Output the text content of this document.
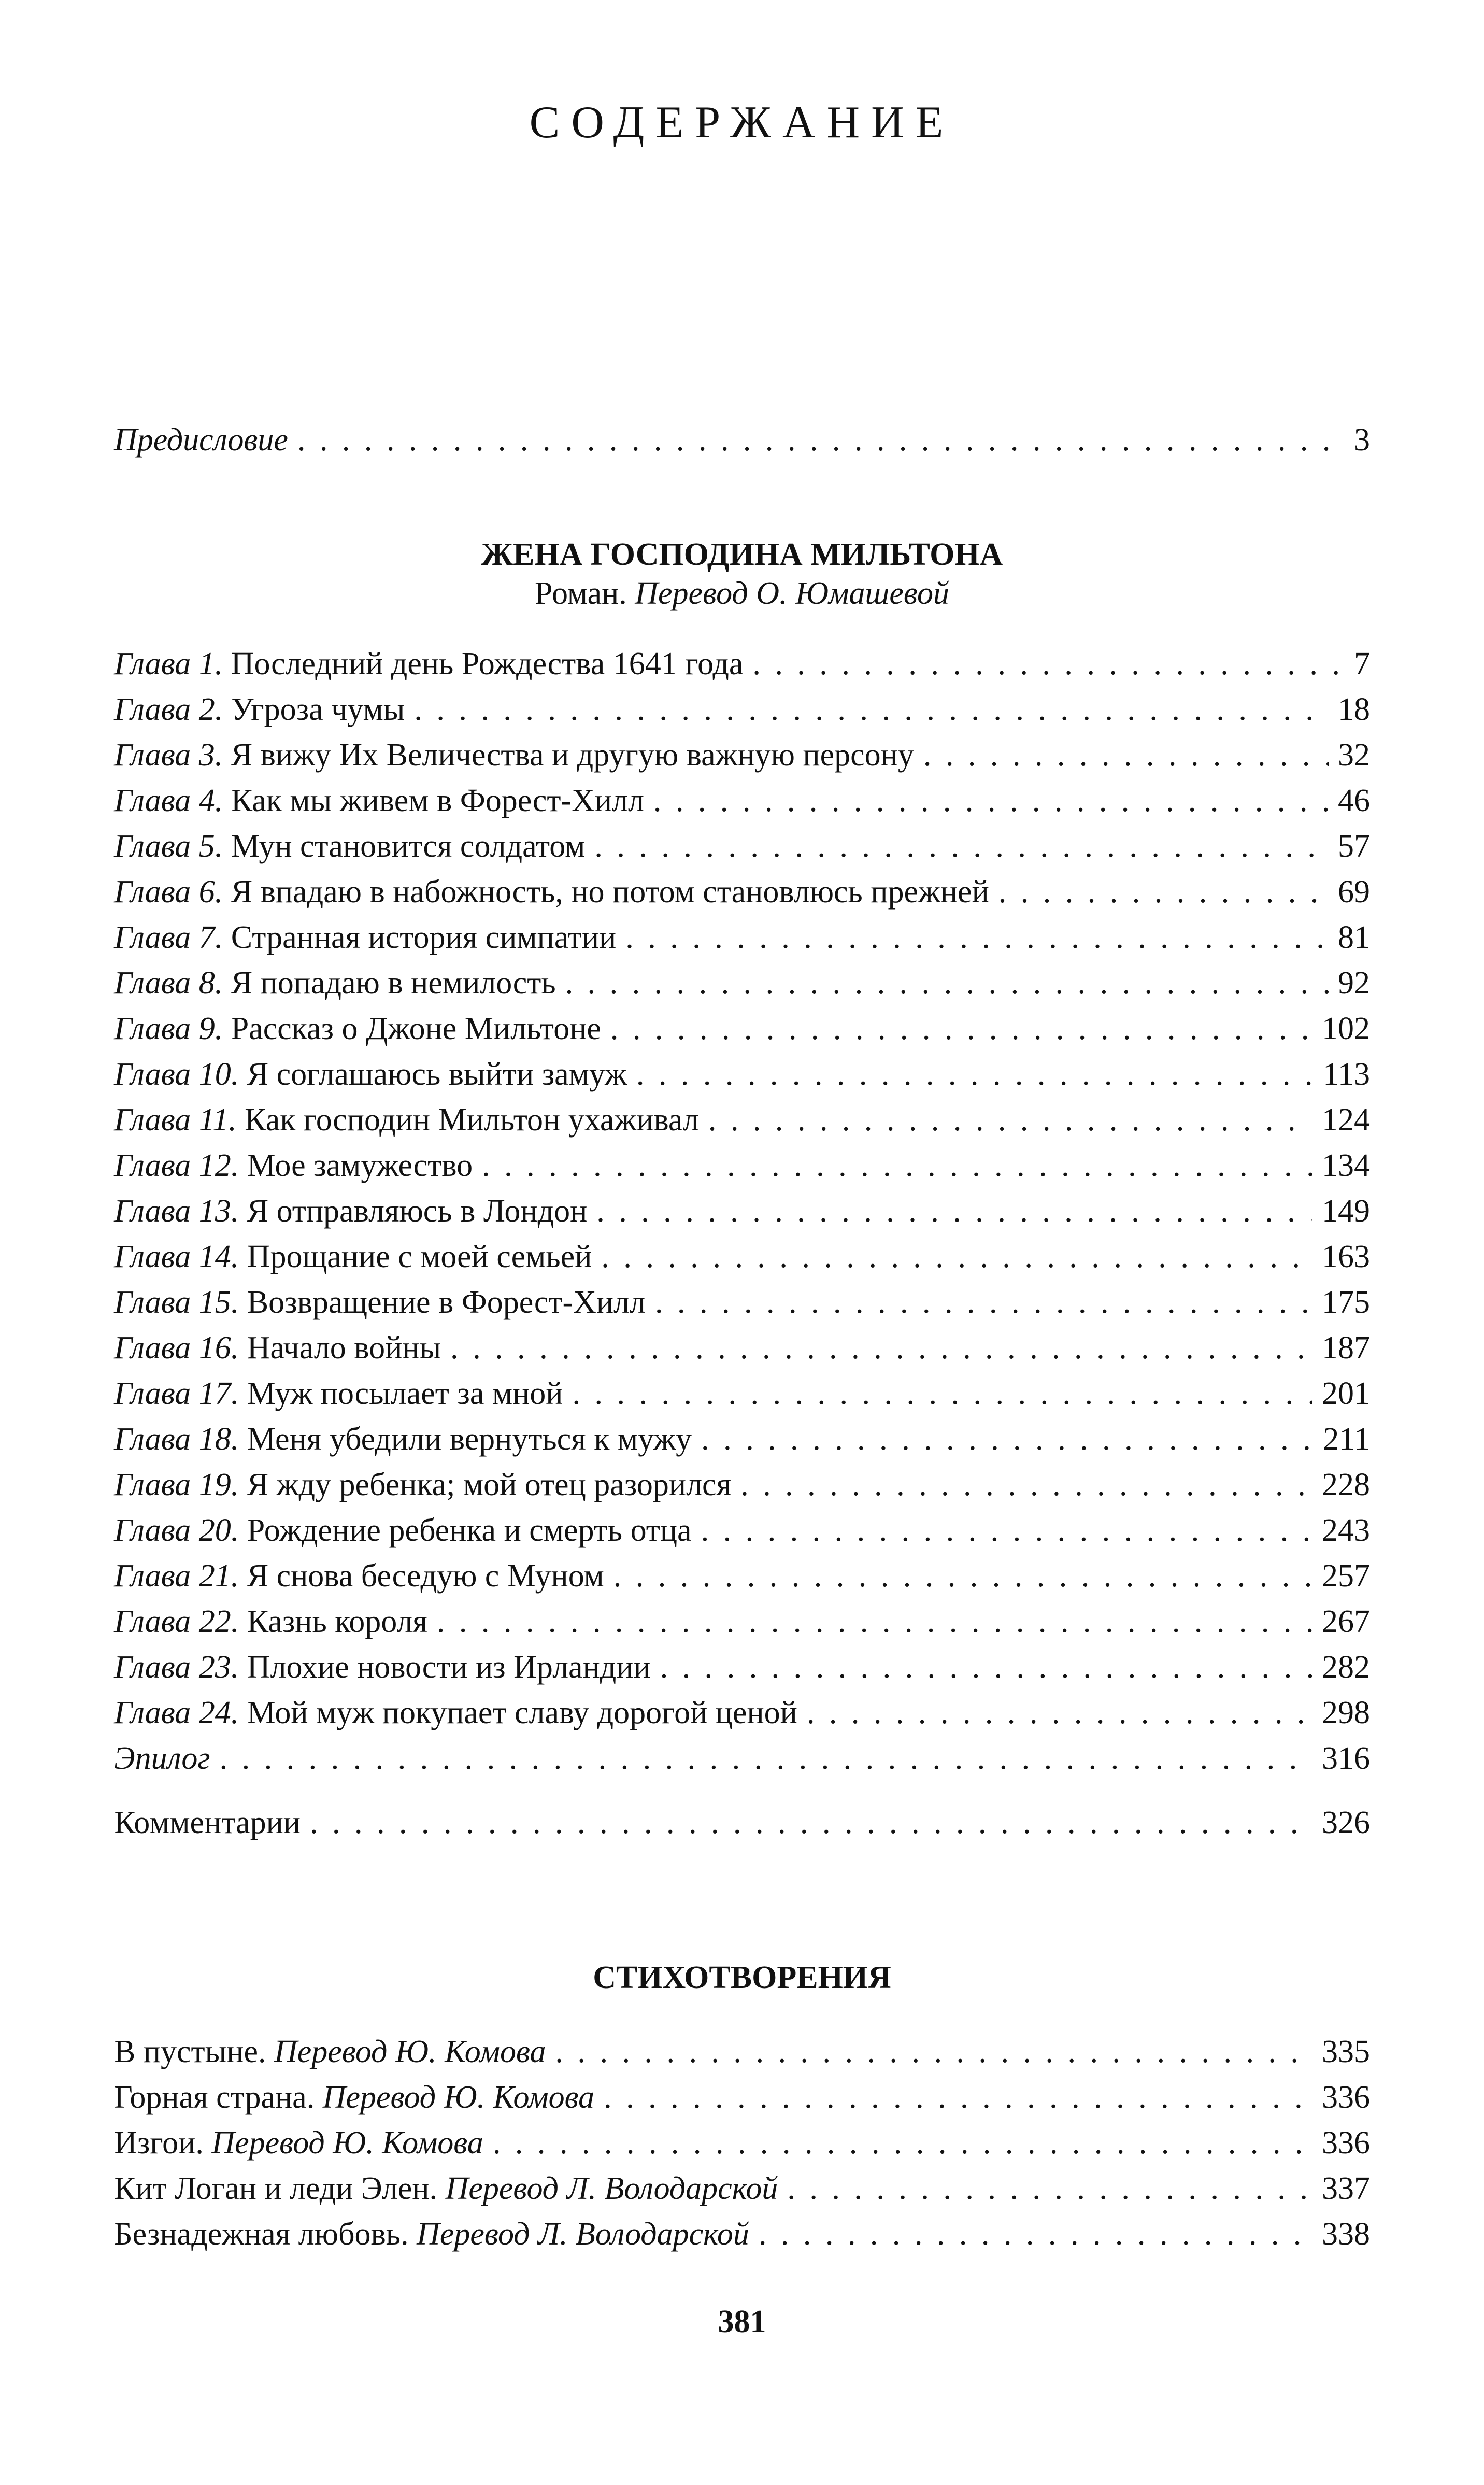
СОДЕРЖАНИЕ
Предисловие . . .	3
ЖЕНА ГОСПОДИНА МИЛЬТОНА
Роман. Перевод О. Юмашевой
Глава 1. Последний день Рождества 1641 года . . .	7
Глава 2. Угроза чумы . . .	18
Глава 3. Я вижу Их Величества и другую важную персону . . .	32
Глава 4. Как мы живем в Форест-Хилл . . .	46
Глава 5. Мун становится солдатом . . .	57
Глава 6. Я впадаю в набожность, но потом становлюсь прежней . . .	69
Глава 7. Странная история симпатии . . .	81
Глава 8. Я попадаю в немилость . . .	92
Глава 9. Рассказ о Джоне Мильтоне . . .	102
Глава 10. Я соглашаюсь выйти замуж . . .	113
Глава 11. Как господин Мильтон ухаживал . . .	124
Глава 12. Мое замужество . . .	134
Глава 13. Я отправляюсь в Лондон . . .	149
Глава 14. Прощание с моей семьей . . .	163
Глава 15. Возвращение в Форест-Хилл . . .	175
Глава 16. Начало войны . . .	187
Глава 17. Муж посылает за мной . . .	201
Глава 18. Меня убедили вернуться к мужу . . .	211
Глава 19. Я жду ребенка; мой отец разорился . . .	228
Глава 20. Рождение ребенка и смерть отца . . .	243
Глава 21. Я снова беседую с Муном . . .	257
Глава 22. Казнь короля . . .	267
Глава 23. Плохие новости из Ирландии . . .	282
Глава 24. Мой муж покупает славу дорогой ценой . . .	298
Эпилог . . .	316
Комментарии . . .	326
СТИХОТВОРЕНИЯ
В пустыне. Перевод Ю. Комова . . .	335
Горная страна. Перевод Ю. Комова . . .	336
Изгои. Перевод Ю. Комова . . .	336
Кит Логан и леди Элен. Перевод Л. Володарской . . .	337
Безнадежная любовь. Перевод Л. Володарской . . .	338
381
